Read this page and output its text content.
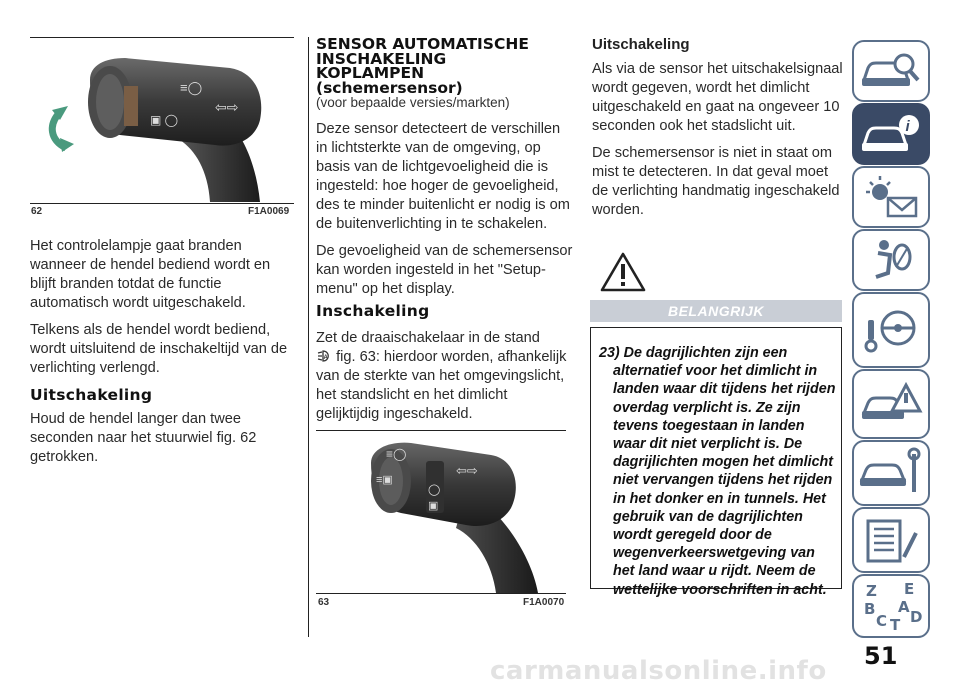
≡◯
⇦⇨
▣ ◯
62	F1A0069

Het controlelampje gaat branden wanneer de hendel bediend wordt en blijft branden totdat de functie automatisch wordt uitgeschakeld.

Telkens als de hendel wordt bediend, wordt uitsluitend de inschakeltijd van de verlichting verlengd.

Uitschakeling

Houd de hendel langer dan twee seconden naar het stuurwiel fig. 62 getrokken.

SENSOR AUTOMATISCHE
INSCHAKELING
KOPLAMPEN
(schemersensor)
(voor bepaalde versies/markten)

Deze sensor detecteert de verschillen in lichtsterkte van de omgeving, op basis van de lichtgevoeligheid die is ingesteld: hoe hoger de gevoeligheid, des te minder buitenlicht er nodig is om de buitenverlichting in te schakelen.

De gevoeligheid van de schemersensor kan worden ingesteld in het "Setup-menu" op het display.

Inschakeling

Zet de draaischakelaar in de stand

A fig. 63: hierdoor worden, afhankelijk van de sterkte van het omgevingslicht, het standslicht en het dimlicht gelijktijdig ingeschakeld.

≡◯
⇦⇨
◯
▣
≡▣
63	F1A0070
Uitschakeling

Als via de sensor het uitschakelsignaal wordt gegeven, wordt het dimlicht uitgeschakeld en gaat na ongeveer 10 seconden ook het stadslicht uit.

De schemersensor is niet in staat om mist te detecteren. In dat geval moet de verlichting handmatig ingeschakeld worden.

BELANGRIJK
23) De dagrijlichten zijn een alternatief voor het dimlicht in landen waar dit tijdens het rijden overdag verplicht is. Ze zijn tevens toegestaan in landen waar dit niet verplicht is. De dagrijlichten mogen het dimlicht niet vervangen tijdens het rijden in het donker en in tunnels. Het gebruik van de dagrijlichten wordt geregeld door de wegenverkeerswetgeving van het land waar u rijdt. Neem de wettelijke voorschriften in acht.
i
Z E
B A
C T D
51
carmanualsonline.info
